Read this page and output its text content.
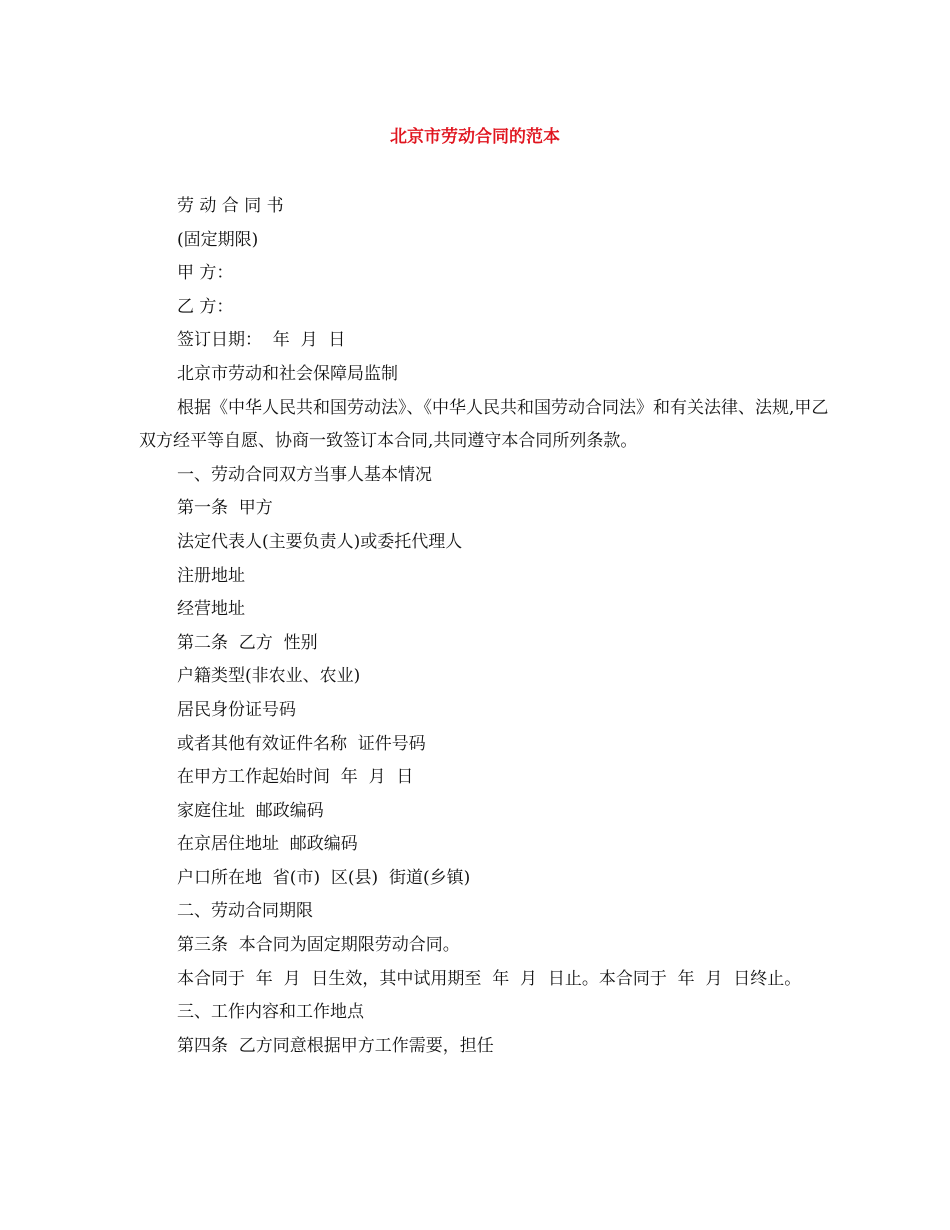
北京市劳动合同的范本

劳 动 合 同 书

(固定期限)

甲 方：

乙 方：

签订日期：  年  月  日

北京市劳动和社会保障局监制

根据《中华人民共和国劳动法》、《中华人民共和国劳动合同法》和有关法律、法规,甲乙双方经平等自愿、协商一致签订本合同,共同遵守本合同所列条款。

一、劳动合同双方当事人基本情况

第一条  甲方

法定代表人(主要负责人)或委托代理人

注册地址

经营地址

第二条  乙方  性别

户籍类型(非农业、农业)

居民身份证号码

或者其他有效证件名称  证件号码

在甲方工作起始时间  年  月  日

家庭住址  邮政编码

在京居住地址  邮政编码

户口所在地  省(市)  区(县)  街道(乡镇)

二、劳动合同期限

第三条  本合同为固定期限劳动合同。

本合同于  年  月  日生效，其中试用期至  年  月  日止。本合同于  年  月  日终止。

三、工作内容和工作地点

第四条  乙方同意根据甲方工作需要，担任
